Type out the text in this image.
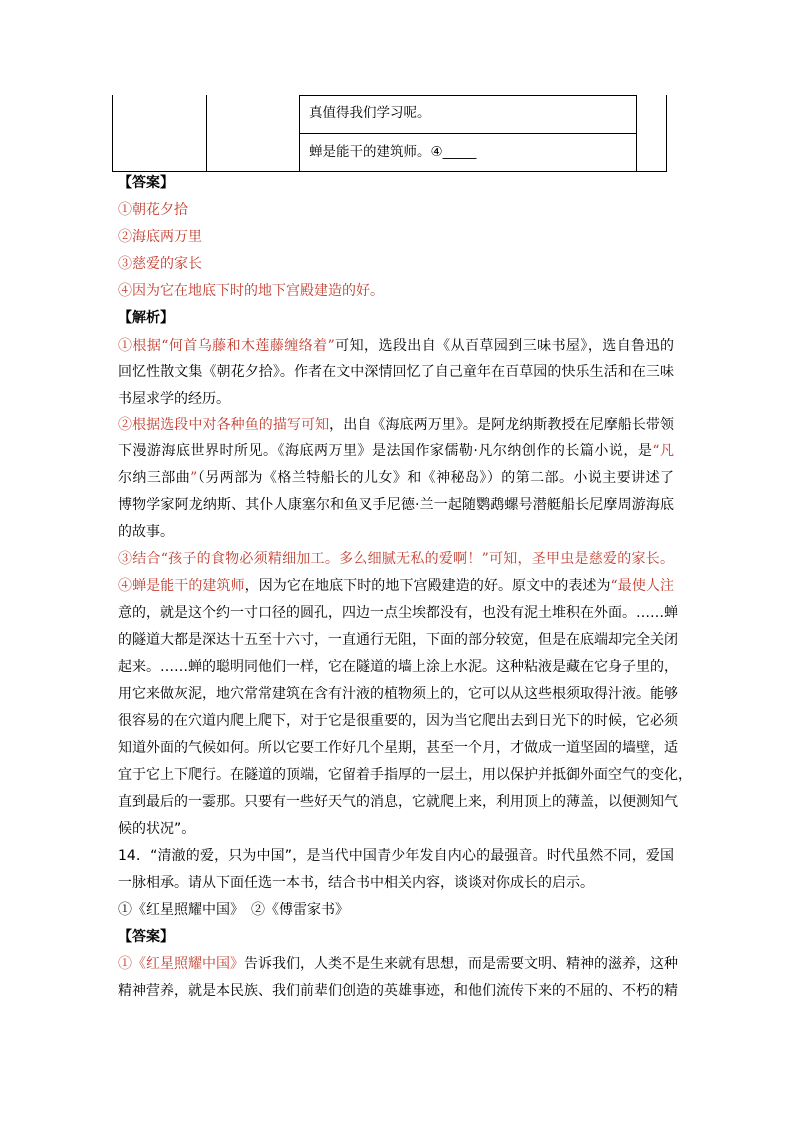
真值得我们学习呢。
蝉是能干的建筑师。④_____
【答案】
①朝花夕拾
②海底两万里
③慈爱的家长
④因为它在地底下时的地下宫殿建造的好。
【解析】
①根据“何首乌藤和木莲藤缠络着”可知，选段出自《从百草园到三味书屋》，选自鲁迅的
回忆性散文集《朝花夕拾》。作者在文中深情回忆了自己童年在百草园的快乐生活和在三味
书屋求学的经历。
②根据选段中对各种鱼的描写可知，出自《海底两万里》。是阿龙纳斯教授在尼摩船长带领
下漫游海底世界时所见。《海底两万里》是法国作家儒勒·凡尔纳创作的长篇小说，是“凡
尔纳三部曲”（另两部为《格兰特船长的儿女》和《神秘岛》）的第二部。小说主要讲述了
博物学家阿龙纳斯、其仆人康塞尔和鱼叉手尼德·兰一起随鹦鹉螺号潜艇船长尼摩周游海底
的故事。
③结合“孩子的食物必须精细加工。多么细腻无私的爱啊！”可知，圣甲虫是慈爱的家长。
④蝉是能干的建筑师，因为它在地底下时的地下宫殿建造的好。原文中的表述为“最使人注
意的，就是这个约一寸口径的圆孔，四边一点尘埃都没有，也没有泥土堆积在外面。……蝉
的隧道大都是深达十五至十六寸，一直通行无阻，下面的部分较宽，但是在底端却完全关闭
起来。……蝉的聪明同他们一样，它在隧道的墙上涂上水泥。这种粘液是藏在它身子里的，
用它来做灰泥，地穴常常建筑在含有汁液的植物须上的，它可以从这些根须取得汁液。能够
很容易的在穴道内爬上爬下，对于它是很重要的，因为当它爬出去到日光下的时候，它必须
知道外面的气候如何。所以它要工作好几个星期，甚至一个月，才做成一道坚固的墙壁，适
宜于它上下爬行。在隧道的顶端，它留着手指厚的一层土，用以保护并抵御外面空气的变化，
直到最后的一霎那。只要有一些好天气的消息，它就爬上来，利用顶上的薄盖，以便测知气
候的状况”。
14．“清澈的爱，只为中国”，是当代中国青少年发自内心的最强音。时代虽然不同，爱国
一脉相承。请从下面任选一本书，结合书中相关内容，谈谈对你成长的启示。
①《红星照耀中国》　②《傅雷家书》
【答案】
①《红星照耀中国》告诉我们，人类不是生来就有思想，而是需要文明、精神的滋养，这种
精神营养，就是本民族、我们前辈们创造的英雄事迹，和他们流传下来的不屈的、不朽的精
